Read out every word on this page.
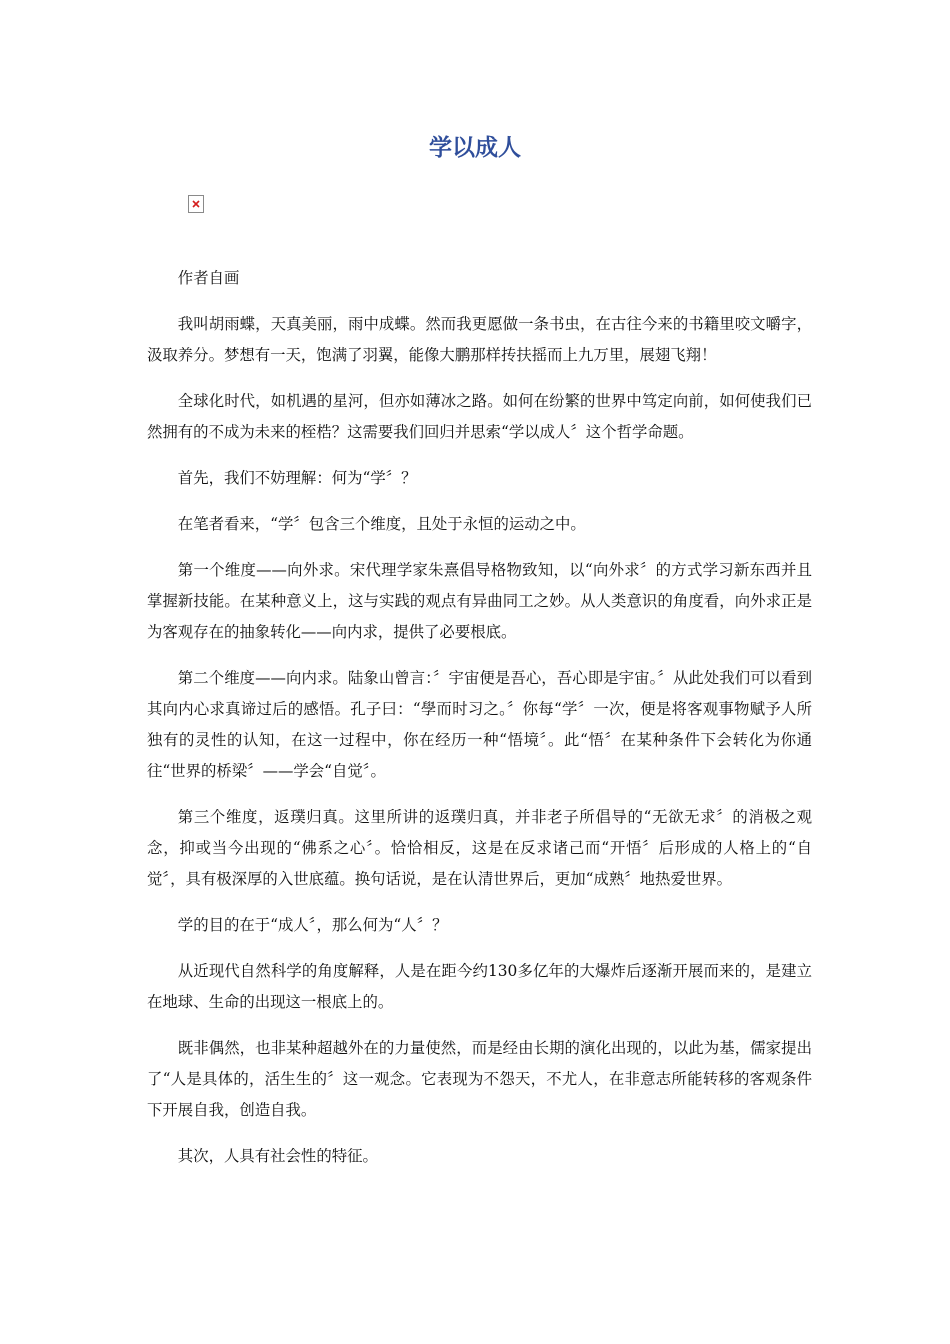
学以成人

作者自画

我叫胡雨蝶，天真美丽，雨中成蝶。然而我更愿做一条书虫，在古往今来的书籍里咬文嚼字，汲取养分。梦想有一天，饱满了羽翼，能像大鹏那样抟扶摇而上九万里，展翅飞翔！

全球化时代，如机遇的星河，但亦如薄冰之路。如何在纷繁的世界中笃定向前，如何使我们已然拥有的不成为未来的桎梏？这需要我们回归并思索“学以成人〞这个哲学命题。

首先，我们不妨理解：何为“学〞？

在笔者看来，“学〞包含三个维度，且处于永恒的运动之中。

第一个维度——向外求。宋代理学家朱熹倡导格物致知，以“向外求〞的方式学习新东西并且掌握新技能。在某种意义上，这与实践的观点有异曲同工之妙。从人类意识的角度看，向外求正是为客观存在的抽象转化——向内求，提供了必要根底。

第二个维度——向内求。陆象山曾言：〞宇宙便是吾心，吾心即是宇宙。〞从此处我们可以看到其向内心求真谛过后的感悟。孔子曰：“學而时习之。〞你每“学〞一次，便是将客观事物赋予人所独有的灵性的认知，在这一过程中，你在经历一种“悟境〞。此“悟〞在某种条件下会转化为你通往“世界的桥梁〞——学会“自觉〞。

第三个维度，返璞归真。这里所讲的返璞归真，并非老子所倡导的“无欲无求〞的消极之观念，抑或当今出现的“佛系之心〞。恰恰相反，这是在反求诸己而“开悟〞后形成的人格上的“自觉〞，具有极深厚的入世底蕴。换句话说，是在认清世界后，更加“成熟〞地热爱世界。

学的目的在于“成人〞，那么何为“人〞？

从近现代自然科学的角度解释，人是在距今约130多亿年的大爆炸后逐渐开展而来的，是建立在地球、生命的出现这一根底上的。

既非偶然，也非某种超越外在的力量使然，而是经由长期的演化出现的，以此为基，儒家提出了“人是具体的，活生生的〞这一观念。它表现为不怨天，不尤人，在非意志所能转移的客观条件下开展自我，创造自我。

其次，人具有社会性的特征。
